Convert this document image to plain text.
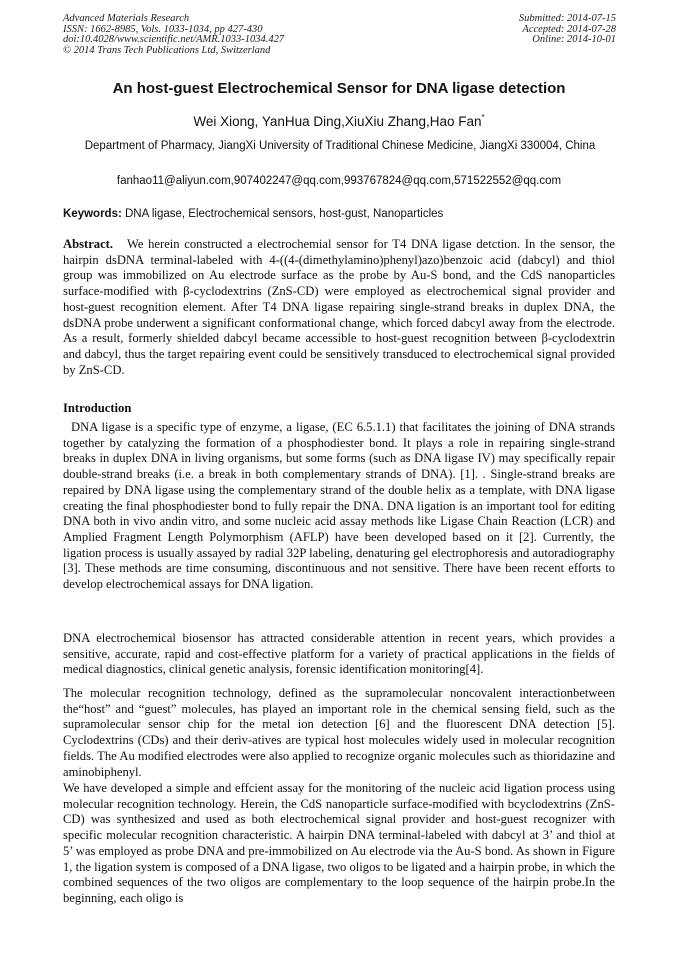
Advanced Materials Research
ISSN: 1662-8985, Vols. 1033-1034, pp 427-430
doi:10.4028/www.scientific.net/AMR.1033-1034.427
© 2014 Trans Tech Publications Ltd, Switzerland
Submitted: 2014-07-15
Accepted: 2014-07-28
Online: 2014-10-01
An host-guest Electrochemical Sensor for DNA ligase detection
Wei Xiong, YanHua Ding,XiuXiu Zhang,Hao Fan*
Department of Pharmacy, JiangXi University of Traditional Chinese Medicine, JiangXi 330004, China
fanhao11@aliyun.com,907402247@qq.com,993767824@qq.com,571522552@qq.com
Keywords: DNA ligase, Electrochemical sensors, host-gust, Nanoparticles
Abstract. We herein constructed a electrochemial sensor for T4 DNA ligase detction. In the sensor, the hairpin dsDNA terminal-labeled with 4-((4-(dimethylamino)phenyl)azo)benzoic acid (dabcyl) and thiol group was immobilized on Au electrode surface as the probe by Au-S bond, and the CdS nanoparticles surface-modified with β-cyclodextrins (ZnS-CD) were employed as electrochemical signal provider and host-guest recognition element. After T4 DNA ligase repairing single-strand breaks in duplex DNA, the dsDNA probe underwent a significant conformational change, which forced dabcyl away from the electrode. As a result, formerly shielded dabcyl became accessible to host-guest recognition between β-cyclodextrin and dabcyl, thus the target repairing event could be sensitively transduced to electrochemical signal provided by ZnS-CD.
Introduction

DNA ligase is a specific type of enzyme, a ligase, (EC 6.5.1.1) that facilitates the joining of DNA strands together by catalyzing the formation of a phosphodiester bond. It plays a role in repairing single-strand breaks in duplex DNA in living organisms, but some forms (such as DNA ligase IV) may specifically repair double-strand breaks (i.e. a break in both complementary strands of DNA). [1]. . Single-strand breaks are repaired by DNA ligase using the complementary strand of the double helix as a template, with DNA ligase creating the final phosphodiester bond to fully repair the DNA. DNA ligation is an important tool for editing DNA both in vivo andin vitro, and some nucleic acid assay methods like Ligase Chain Reaction (LCR) and Amplied Fragment Length Polymorphism (AFLP) have been developed based on it [2]. Currently, the ligation process is usually assayed by radial 32P labeling, denaturing gel electrophoresis and autoradiography [3]. These methods are time consuming, discontinuous and not sensitive. There have been recent efforts to develop electrochemical assays for DNA ligation.

DNA electrochemical biosensor has attracted considerable attention in recent years, which provides a sensitive, accurate, rapid and cost-effective platform for a variety of practical applications in the fields of medical diagnostics, clinical genetic analysis, forensic identification monitoring[4].

The molecular recognition technology, defined as the supramolecular noncovalent interactionbetween the“host” and “guest” molecules, has played an important role in the chemical sensing field, such as the supramolecular sensor chip for the metal ion detection [6] and the fluorescent DNA detection [5]. Cyclodextrins (CDs) and their deriv-atives are typical host molecules widely used in molecular recognition fields. The Au modified electrodes were also applied to recognize organic molecules such as thioridazine and aminobiphenyl.

We have developed a simple and effcient assay for the monitoring of the nucleic acid ligation process using molecular recognition technology. Herein, the CdS nanoparticle surface-modified with bcyclodextrins (ZnS-CD) was synthesized and used as both electrochemical signal provider and host-guest recognizer with specific molecular recognition characteristic. A hairpin DNA terminal-labeled with dabcyl at 3’ and thiol at 5’ was employed as probe DNA and pre-immobilized on Au electrode via the Au-S bond. As shown in Figure 1, the ligation system is composed of a DNA ligase, two oligos to be ligated and a hairpin probe, in which the combined sequences of the two oligos are complementary to the loop sequence of the hairpin probe.In the beginning, each oligo is
